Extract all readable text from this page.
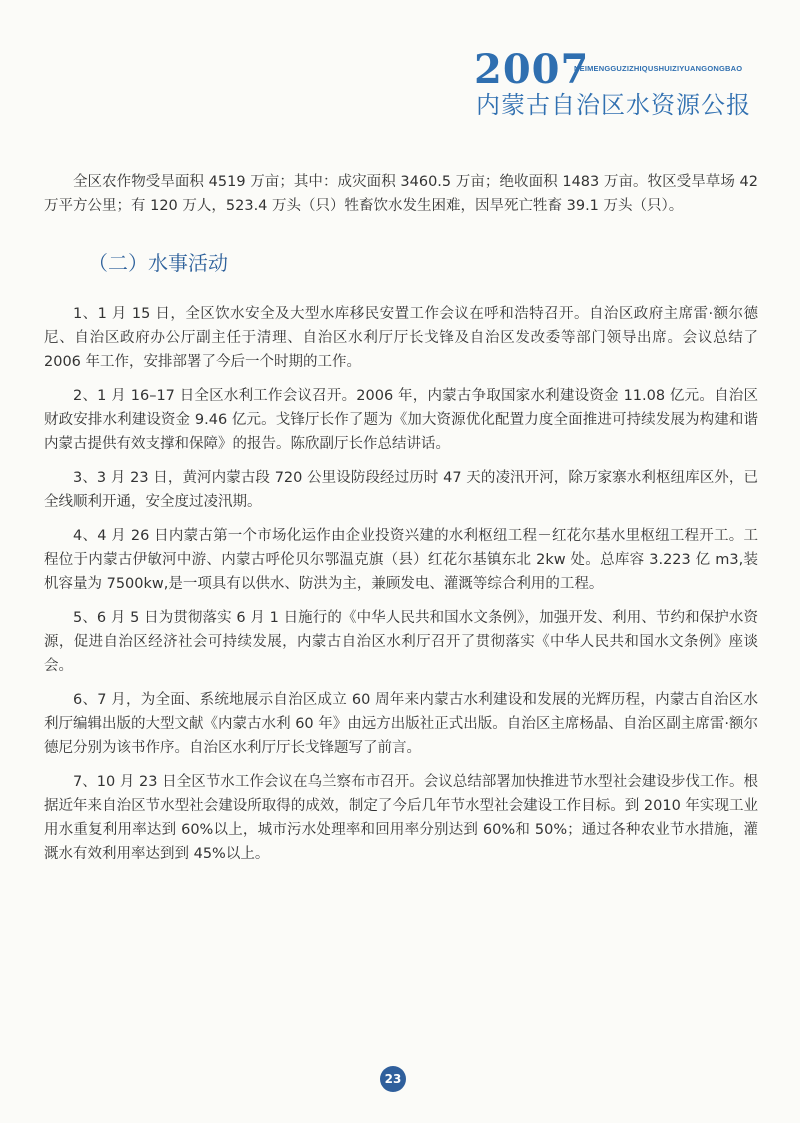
2007
NEIMENGGUZIZHIQUSHUIZIYUANGONGBAO
内蒙古自治区水资源公报

全区农作物受旱面积 4519 万亩；其中：成灾面积 3460.5 万亩；绝收面积 1483 万亩。牧区受旱草场 42 万平方公里；有 120 万人，523.4 万头（只）牲畜饮水发生困难，因旱死亡牲畜 39.1 万头（只）。

（二）水事活动

1、1 月 15 日，全区饮水安全及大型水库移民安置工作会议在呼和浩特召开。自治区政府主席雷·额尔德尼、自治区政府办公厅副主任于清理、自治区水利厅厅长戈锋及自治区发改委等部门领导出席。会议总结了 2006 年工作，安排部署了今后一个时期的工作。

2、1 月 16–17 日全区水利工作会议召开。2006 年，内蒙古争取国家水利建设资金 11.08 亿元。自治区财政安排水利建设资金 9.46 亿元。戈锋厅长作了题为《加大资源优化配置力度全面推进可持续发展为构建和谐内蒙古提供有效支撑和保障》的报告。陈欣副厅长作总结讲话。

3、3 月 23 日，黄河内蒙古段 720 公里设防段经过历时 47 天的凌汛开河，除万家寨水利枢纽库区外，已全线顺利开通，安全度过凌汛期。

4、4 月 26 日内蒙古第一个市场化运作由企业投资兴建的水利枢纽工程－红花尔基水里枢纽工程开工。工程位于内蒙古伊敏河中游、内蒙古呼伦贝尔鄂温克旗（县）红花尔基镇东北 2kw 处。总库容 3.223 亿 m3,装机容量为 7500kw,是一项具有以供水、防洪为主，兼顾发电、灌溉等综合利用的工程。

5、6 月 5 日为贯彻落实 6 月 1 日施行的《中华人民共和国水文条例》，加强开发、利用、节约和保护水资源，促进自治区经济社会可持续发展，内蒙古自治区水利厅召开了贯彻落实《中华人民共和国水文条例》座谈会。

6、7 月，为全面、系统地展示自治区成立 60 周年来内蒙古水利建设和发展的光辉历程，内蒙古自治区水利厅编辑出版的大型文献《内蒙古水利 60 年》由远方出版社正式出版。自治区主席杨晶、自治区副主席雷·额尔德尼分别为该书作序。自治区水利厅厅长戈锋题写了前言。

7、10 月 23 日全区节水工作会议在乌兰察布市召开。会议总结部署加快推进节水型社会建设步伐工作。根据近年来自治区节水型社会建设所取得的成效，制定了今后几年节水型社会建设工作目标。到 2010 年实现工业用水重复利用率达到 60%以上，城市污水处理率和回用率分别达到 60%和 50%；通过各种农业节水措施，灌溉水有效利用率达到到 45%以上。

23
